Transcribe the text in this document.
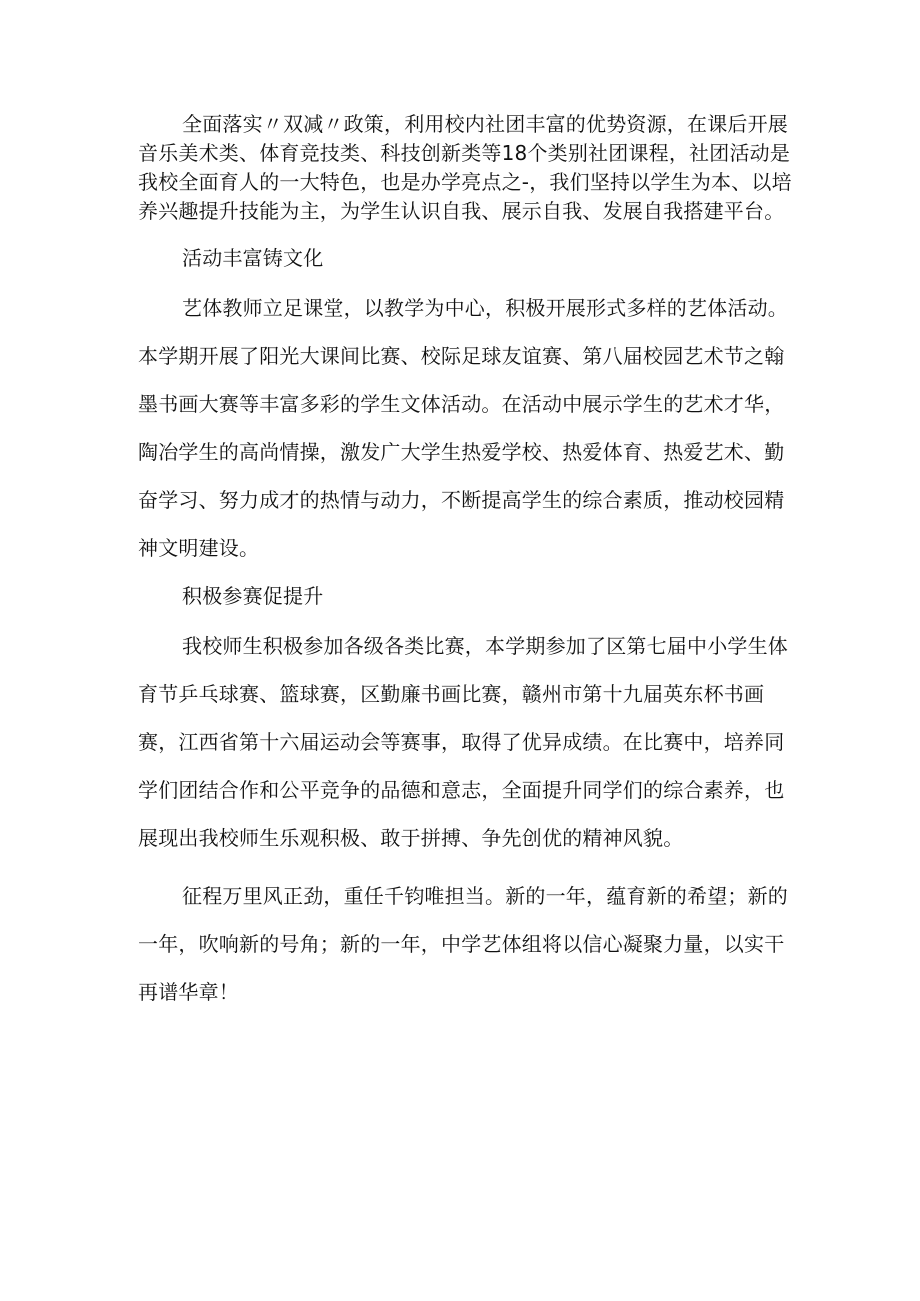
全面落实〃双减〃政策，利用校内社团丰富的优势资源，在课后开展音乐美术类、体育竞技类、科技创新类等18个类别社团课程，社团活动是我校全面育人的一大特色，也是办学亮点之-，我们坚持以学生为本、以培养兴趣提升技能为主，为学生认识自我、展示自我、发展自我搭建平台。

活动丰富铸文化

艺体教师立足课堂，以教学为中心，积极开展形式多样的艺体活动。本学期开展了阳光大课间比赛、校际足球友谊赛、第八届校园艺术节之翰墨书画大赛等丰富多彩的学生文体活动。在活动中展示学生的艺术才华，陶冶学生的高尚情操，激发广大学生热爱学校、热爱体育、热爱艺术、勤奋学习、努力成才的热情与动力，不断提高学生的综合素质，推动校园精神文明建设。

积极参赛促提升

我校师生积极参加各级各类比赛，本学期参加了区第七届中小学生体育节乒乓球赛、篮球赛，区勤廉书画比赛，赣州市第十九届英东杯书画赛，江西省第十六届运动会等赛事，取得了优异成绩。在比赛中，培养同学们团结合作和公平竞争的品德和意志，全面提升同学们的综合素养，也展现出我校师生乐观积极、敢于拼搏、争先创优的精神风貌。

征程万里风正劲，重任千钧唯担当。新的一年，蕴育新的希望；新的一年，吹响新的号角；新的一年，中学艺体组将以信心凝聚力量，以实干再谱华章！
